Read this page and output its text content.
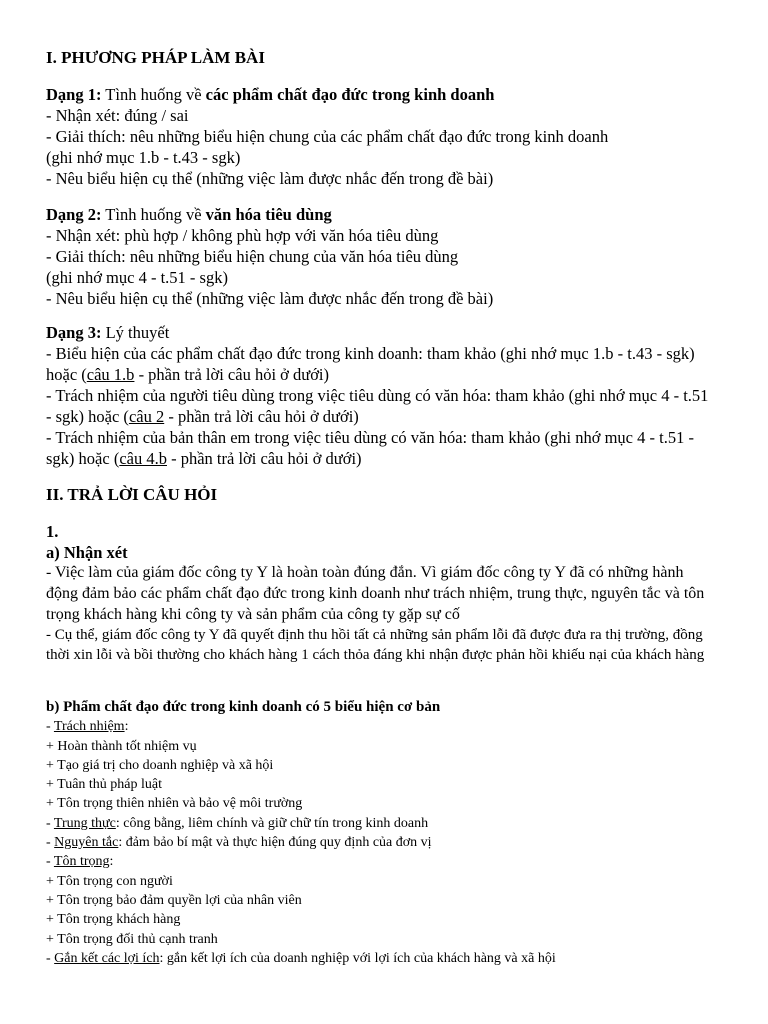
I. PHƯƠNG PHÁP LÀM BÀI

Dạng 1: Tình huống về các phẩm chất đạo đức trong kinh doanh

- Nhận xét: đúng / sai

- Giải thích: nêu những biểu hiện chung của các phẩm chất đạo đức trong kinh doanh

(ghi nhớ mục 1.b - t.43 - sgk)

- Nêu biểu hiện cụ thể (những việc làm được nhắc đến trong đề bài)

Dạng 2: Tình huống về văn hóa tiêu dùng

- Nhận xét: phù hợp / không phù hợp với văn hóa tiêu dùng

- Giải thích: nêu những biểu hiện chung của văn hóa tiêu dùng

(ghi nhớ mục 4 - t.51 - sgk)

- Nêu biểu hiện cụ thể (những việc làm được nhắc đến trong đề bài)

Dạng 3: Lý thuyết

- Biểu hiện của các phẩm chất đạo đức trong kinh doanh: tham khảo (ghi nhớ mục 1.b - t.43 - sgk) hoặc (câu 1.b - phần trả lời câu hỏi ở dưới)

- Trách nhiệm của người tiêu dùng trong việc tiêu dùng có văn hóa: tham khảo (ghi nhớ mục 4 - t.51 - sgk) hoặc (câu 2 - phần trả lời câu hỏi ở dưới)

- Trách nhiệm của bản thân em trong việc tiêu dùng có văn hóa: tham khảo (ghi nhớ mục 4 - t.51 - sgk) hoặc (câu 4.b - phần trả lời câu hỏi ở dưới)

II. TRẢ LỜI CÂU HỎI

1.

a) Nhận xét

- Việc làm của giám đốc công ty Y là hoàn toàn đúng đắn. Vì giám đốc công ty Y đã có những hành động đảm bảo các phẩm chất đạo đức trong kinh doanh như trách nhiệm, trung thực, nguyên tắc và tôn trọng khách hàng khi công ty và sản phẩm của công ty gặp sự cố
- Cụ thể, giám đốc công ty Y đã quyết định thu hồi tất cả những sản phẩm lỗi đã được đưa ra thị trường, đồng thời xin lỗi và bồi thường cho khách hàng 1 cách thỏa đáng khi nhận được phản hồi khiếu nại của khách hàng

b) Phẩm chất đạo đức trong kinh doanh có 5 biểu hiện cơ bản

- Trách nhiệm:

+ Hoàn thành tốt nhiệm vụ

+ Tạo giá trị cho doanh nghiệp và xã hội

+ Tuân thủ pháp luật

+ Tôn trọng thiên nhiên và bảo vệ môi trường

- Trung thực: công bằng, liêm chính và giữ chữ tín trong kinh doanh

- Nguyên tắc: đảm bảo bí mật và thực hiện đúng quy định của đơn vị

- Tôn trọng:

+ Tôn trọng con người

+ Tôn trọng bảo đảm quyền lợi của nhân viên

+ Tôn trọng khách hàng

+ Tôn trọng đối thủ cạnh tranh

- Gắn kết các lợi ích: gắn kết lợi ích của doanh nghiệp với lợi ích của khách hàng và xã hội
